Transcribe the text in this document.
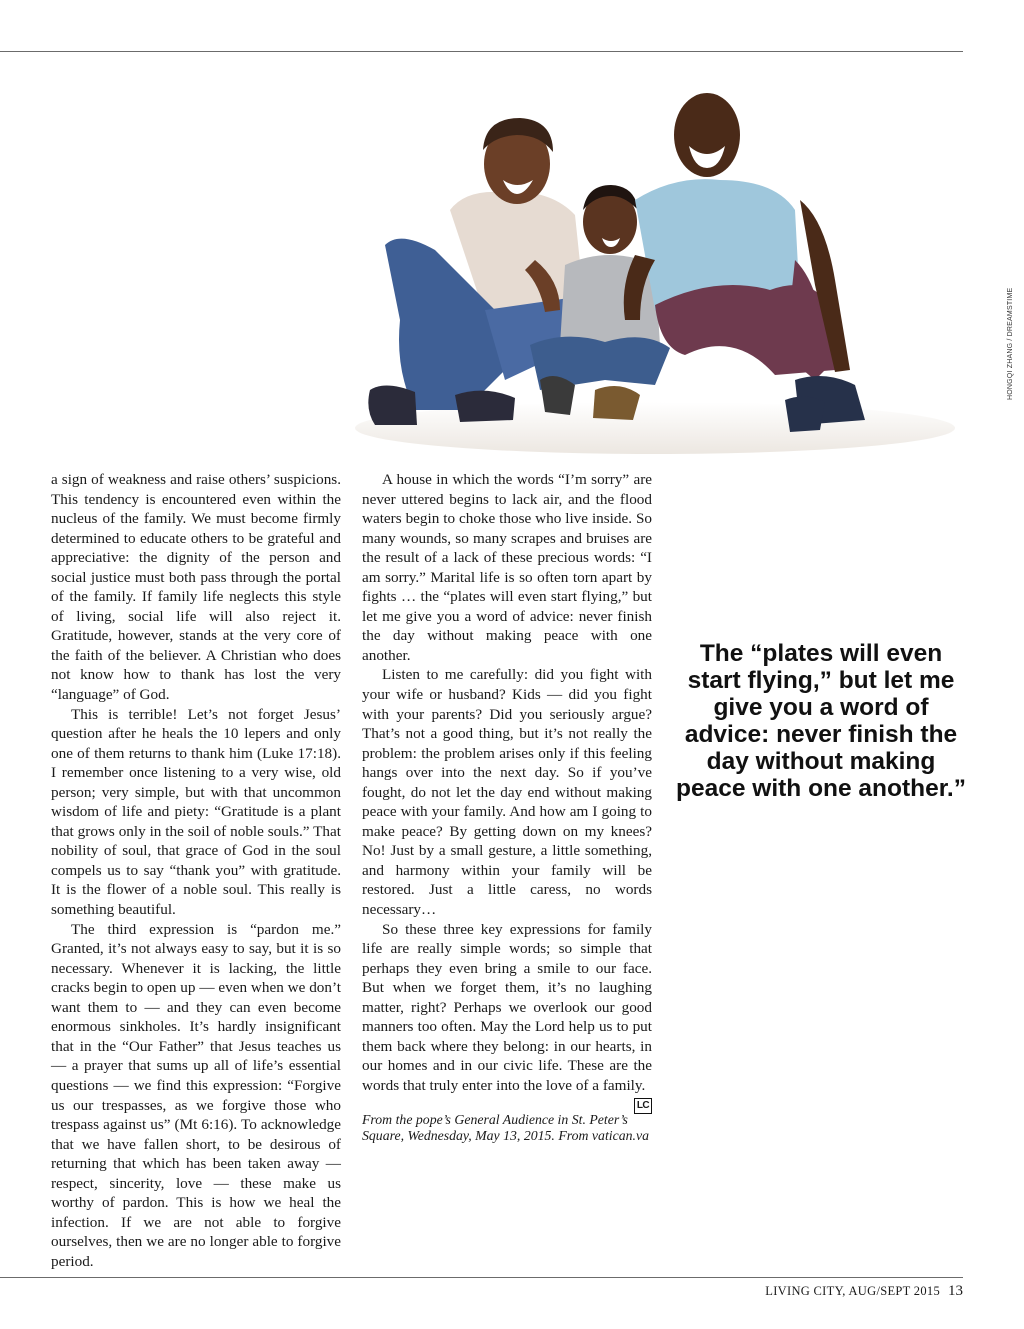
HONGQI ZHANG / DREAMSTIME

a sign of weakness and raise others’ suspicions. This tendency is encountered even within the nucleus of the family. We must become firmly determined to educate others to be grateful and appreciative: the dignity of the person and social justice must both pass through the portal of the family. If family life neglects this style of living, social life will also reject it. Gratitude, however, stands at the very core of the faith of the believer. A Christian who does not know how to thank has lost the very “language” of God.

This is terrible! Let’s not forget Jesus’ question after he heals the 10 lepers and only one of them returns to thank him (Luke 17:18). I remember once listening to a very wise, old person; very simple, but with that uncommon wisdom of life and piety: “Gratitude is a plant that grows only in the soil of noble souls.” That nobility of soul, that grace of God in the soul compels us to say “thank you” with gratitude. It is the flower of a noble soul. This really is something beautiful.

The third expression is “pardon me.” Granted, it’s not always easy to say, but it is so necessary. Whenever it is lacking, the little cracks begin to open up — even when we don’t want them to — and they can even become enormous sinkholes. It’s hardly insignificant that in the “Our Father” that Jesus teaches us — a prayer that sums up all of life’s essential questions — we find this expression: “Forgive us our trespasses, as we forgive those who trespass against us” (Mt 6:16). To acknowledge that we have fallen short, to be desirous of returning that which has been taken away — respect, sincerity, love — these make us worthy of pardon. This is how we heal the infection. If we are not able to forgive ourselves, then we are no longer able to forgive period.

A house in which the words “I’m sorry” are never uttered begins to lack air, and the flood waters begin to choke those who live inside. So many wounds, so many scrapes and bruises are the result of a lack of these precious words: “I am sorry.” Marital life is so often torn apart by fights … the “plates will even start flying,” but let me give you a word of advice: never finish the day without making peace with one another.

Listen to me carefully: did you fight with your wife or husband? Kids — did you fight with your parents? Did you seriously argue? That’s not a good thing, but it’s not really the problem: the problem arises only if this feeling hangs over into the next day. So if you’ve fought, do not let the day end without making peace with your family. And how am I going to make peace? By getting down on my knees? No! Just by a small gesture, a little something, and harmony within your family will be restored. Just a little caress, no words necessary…

So these three key expressions for family life are really simple words; so simple that perhaps they even bring a smile to our face. But when we forget them, it’s no laughing matter, right? Perhaps we overlook our good manners too often. May the Lord help us to put them back where they belong: in our hearts, in our homes and in our civic life. These are the words that truly enter into the love of a family.
LC

From the pope’s General Audience in St. Peter’s Square, Wednesday, May 13, 2015. From vatican.va
The “plates will even start flying,” but let me give you a word of advice: never finish the day without making peace with one another.”
LIVING CITY, AUG/SEPT 2015 13
